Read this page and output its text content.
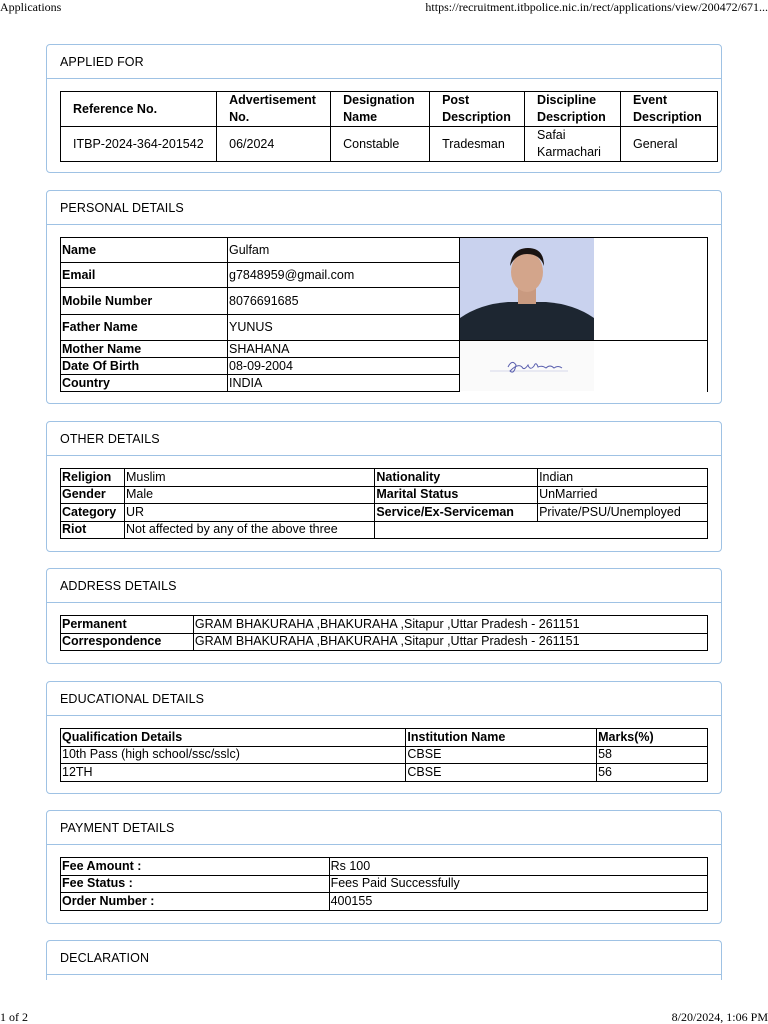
Applications	https://recruitment.itbpolice.nic.in/rect/applications/view/200472/671...
APPLIED FOR
Reference No.	Advertisement No.	Designation Name	Post Description	Discipline Description	Event Description
ITBP-2024-364-201542	06/2024	Constable	Tradesman	Safai Karmachari	General
PERSONAL DETAILS
Name	Gulfam	

Email	g7848959@gmail.com	
Mobile Number	8076691685	
Father Name	YUNUS	
Mother Name	SHAHANA	

Date Of Birth	08-09-2004	
Country	INDIA	
OTHER DETAILS
Religion	Muslim	Nationality	Indian
Gender	Male	Marital Status	UnMarried
Category	UR	Service/Ex-Serviceman	Private/PSU/Unemployed
Riot	Not affected by any of the above three		
ADDRESS DETAILS
Permanent	GRAM BHAKURAHA ,BHAKURAHA ,Sitapur ,Uttar Pradesh - 261151
Correspondence	GRAM BHAKURAHA ,BHAKURAHA ,Sitapur ,Uttar Pradesh - 261151
EDUCATIONAL DETAILS
Qualification Details	Institution Name	Marks(%)
10th Pass (high school/ssc/sslc)	CBSE	58
12TH	CBSE	56
PAYMENT DETAILS
Fee Amount :	Rs 100
Fee Status :	Fees Paid Successfully
Order Number :	400155
DECLARATION
1 of 2	8/20/2024, 1:06 PM
